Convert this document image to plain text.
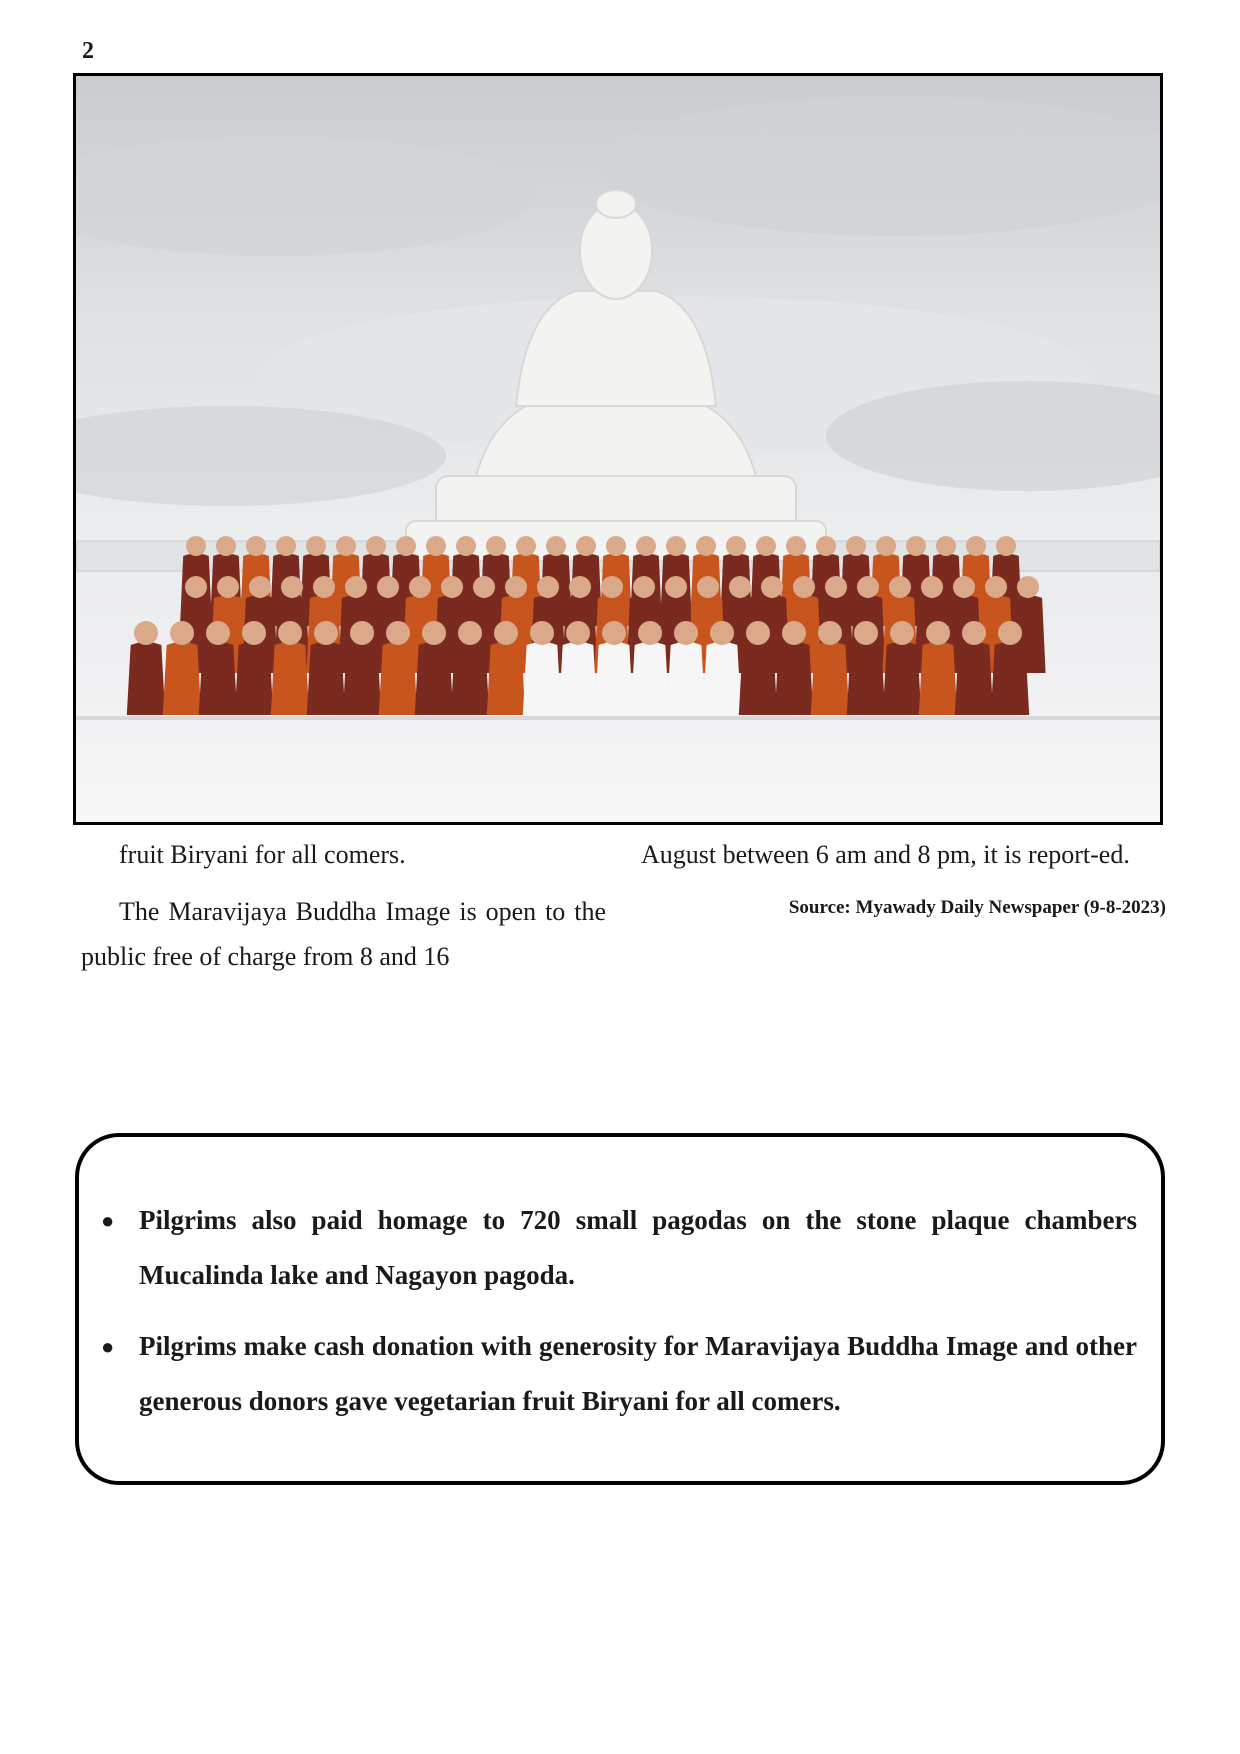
2

fruit Biryani for all comers.

The Maravijaya Buddha Image is open to the public free of charge from 8 and 16

August between 6 am and 8 pm, it is report-ed.

Source: Myawady Daily Newspaper (9-8-2023)

● Pilgrims also paid homage to 720 small pagodas on the stone plaque chambers Mucalinda lake and Nagayon pagoda.
● Pilgrims make cash donation with generosity for Maravijaya Buddha Image and other generous donors gave vegetarian fruit Biryani for all comers.
